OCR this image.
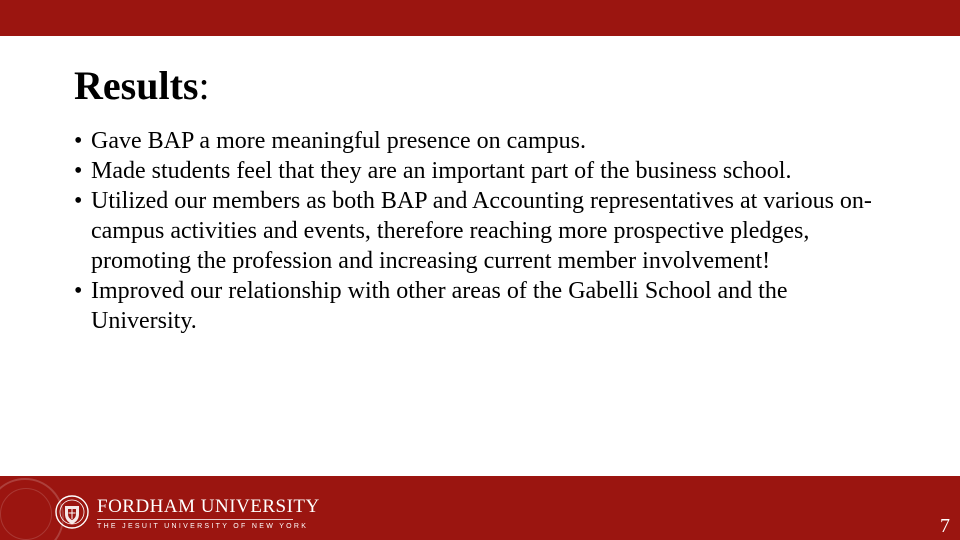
Results:
• Gave BAP a more meaningful presence on campus.
• Made students feel that they are an important part of the business school.
• Utilized our members as both BAP and Accounting representatives at various on-campus activities and events, therefore reaching more prospective pledges, promoting the profession and increasing current member involvement!
• Improved our relationship with other areas of the Gabelli School and the University.
FORDHAM UNIVERSITY
THE JESUIT UNIVERSITY OF NEW YORK	7
